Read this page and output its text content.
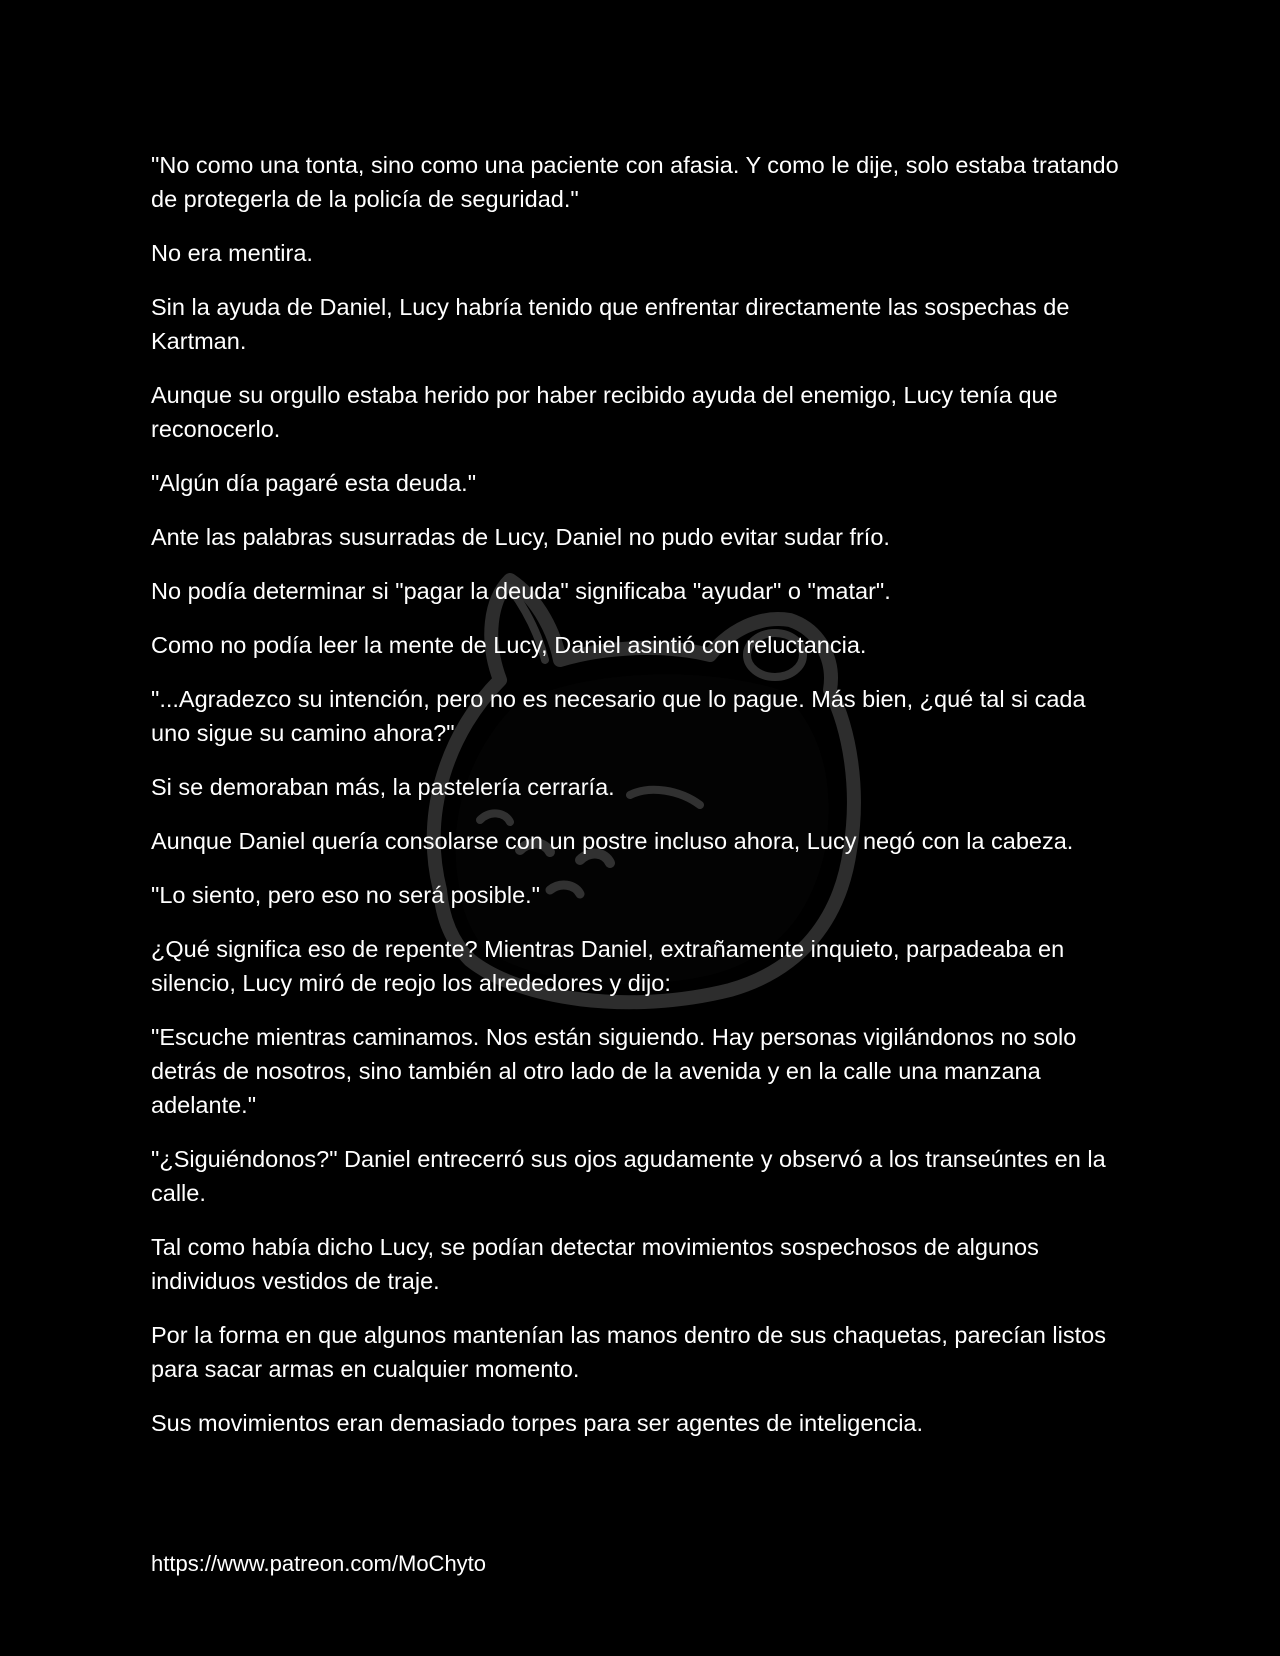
"No como una tonta, sino como una paciente con afasia. Y como le dije, solo estaba tratando de protegerla de la policía de seguridad."

No era mentira.

Sin la ayuda de Daniel, Lucy habría tenido que enfrentar directamente las sospechas de Kartman.

Aunque su orgullo estaba herido por haber recibido ayuda del enemigo, Lucy tenía que reconocerlo.

"Algún día pagaré esta deuda."

Ante las palabras susurradas de Lucy, Daniel no pudo evitar sudar frío.

No podía determinar si "pagar la deuda" significaba "ayudar" o "matar".

Como no podía leer la mente de Lucy, Daniel asintió con reluctancia.

"...Agradezco su intención, pero no es necesario que lo pague. Más bien, ¿qué tal si cada uno sigue su camino ahora?"

Si se demoraban más, la pastelería cerraría.

Aunque Daniel quería consolarse con un postre incluso ahora, Lucy negó con la cabeza.

"Lo siento, pero eso no será posible."

¿Qué significa eso de repente? Mientras Daniel, extrañamente inquieto, parpadeaba en silencio, Lucy miró de reojo los alrededores y dijo:

"Escuche mientras caminamos. Nos están siguiendo. Hay personas vigilándonos no solo detrás de nosotros, sino también al otro lado de la avenida y en la calle una manzana adelante."

"¿Siguiéndonos?" Daniel entrecerró sus ojos agudamente y observó a los transeúntes en la calle.

Tal como había dicho Lucy, se podían detectar movimientos sospechosos de algunos individuos vestidos de traje.

Por la forma en que algunos mantenían las manos dentro de sus chaquetas, parecían listos para sacar armas en cualquier momento.

Sus movimientos eran demasiado torpes para ser agentes de inteligencia.

https://www.patreon.com/MoChyto
